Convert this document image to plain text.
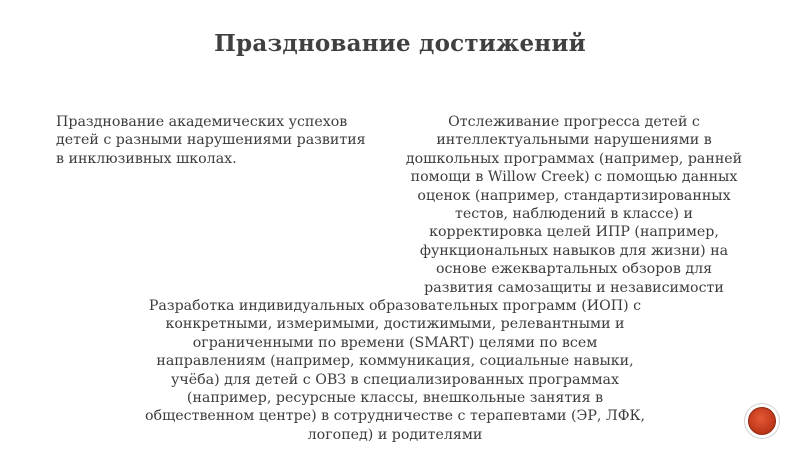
Празднование достижений
Празднование академических успехов
детей с разными нарушениями развития
в инклюзивных школах.
Отслеживание прогресса детей с
интеллектуальными нарушениями в
дошкольных программах (например, ранней
помощи в Willow Creek) с помощью данных
оценок (например, стандартизированных
тестов, наблюдений в классе) и
корректировка целей ИПР (например,
функциональных навыков для жизни) на
основе ежеквартальных обзоров для
развития самозащиты и независимости
Разработка индивидуальных образовательных программ (ИОП) с
конкретными, измеримыми, достижимыми, релевантными и
ограниченными по времени (SMART) целями по всем
направлениям (например, коммуникация, социальные навыки,
учёба) для детей с ОВЗ в специализированных программах
(например, ресурсные классы, внешкольные занятия в
общественном центре) в сотрудничестве с терапевтами (ЭР, ЛФК,
логопед) и родителями
